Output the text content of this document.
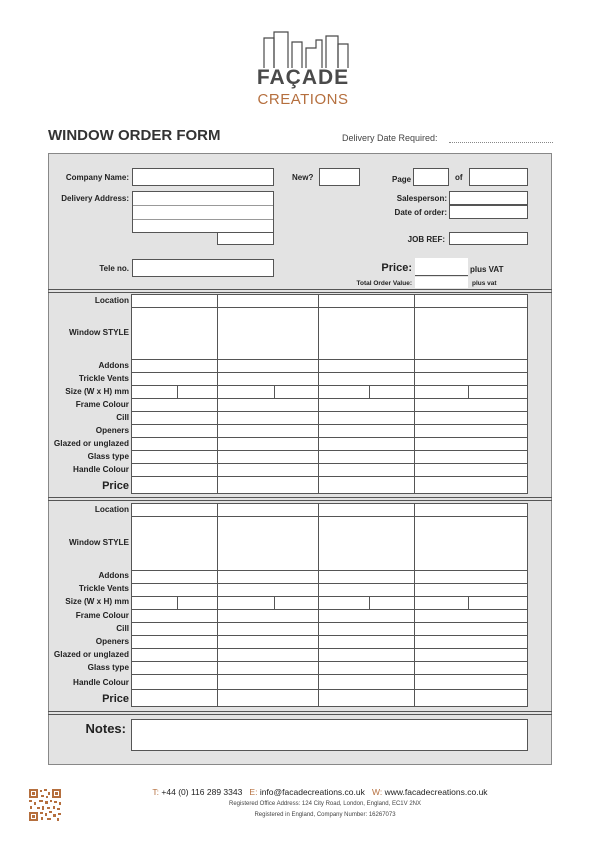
FAÇADE
CREATIONS
WINDOW ORDER FORM	Delivery Date Required:
Company Name:	New?	Page	of
Delivery Address:	Salesperson:
Date of order:
JOB REF:
Tele no.	Price:	plus VAT
Total Order Value:	plus vat
Location
Window STYLE
Addons
Trickle Vents
Size (W x H) mm
Frame Colour
Cill
Openers
Glazed or unglazed
Glass type
Handle Colour
Price
Location
Window STYLE
Addons
Trickle Vents
Size (W x H) mm
Frame Colour
Cill
Openers
Glazed or unglazed
Glass type
Handle Colour
Price
Notes:
T: +44 (0) 116 289 3343 E: info@facadecreations.co.uk W: www.facadecreations.co.uk
Registered Office Address: 124 City Road, London, England, EC1V 2NX
Registered in England, Company Number: 16267073
